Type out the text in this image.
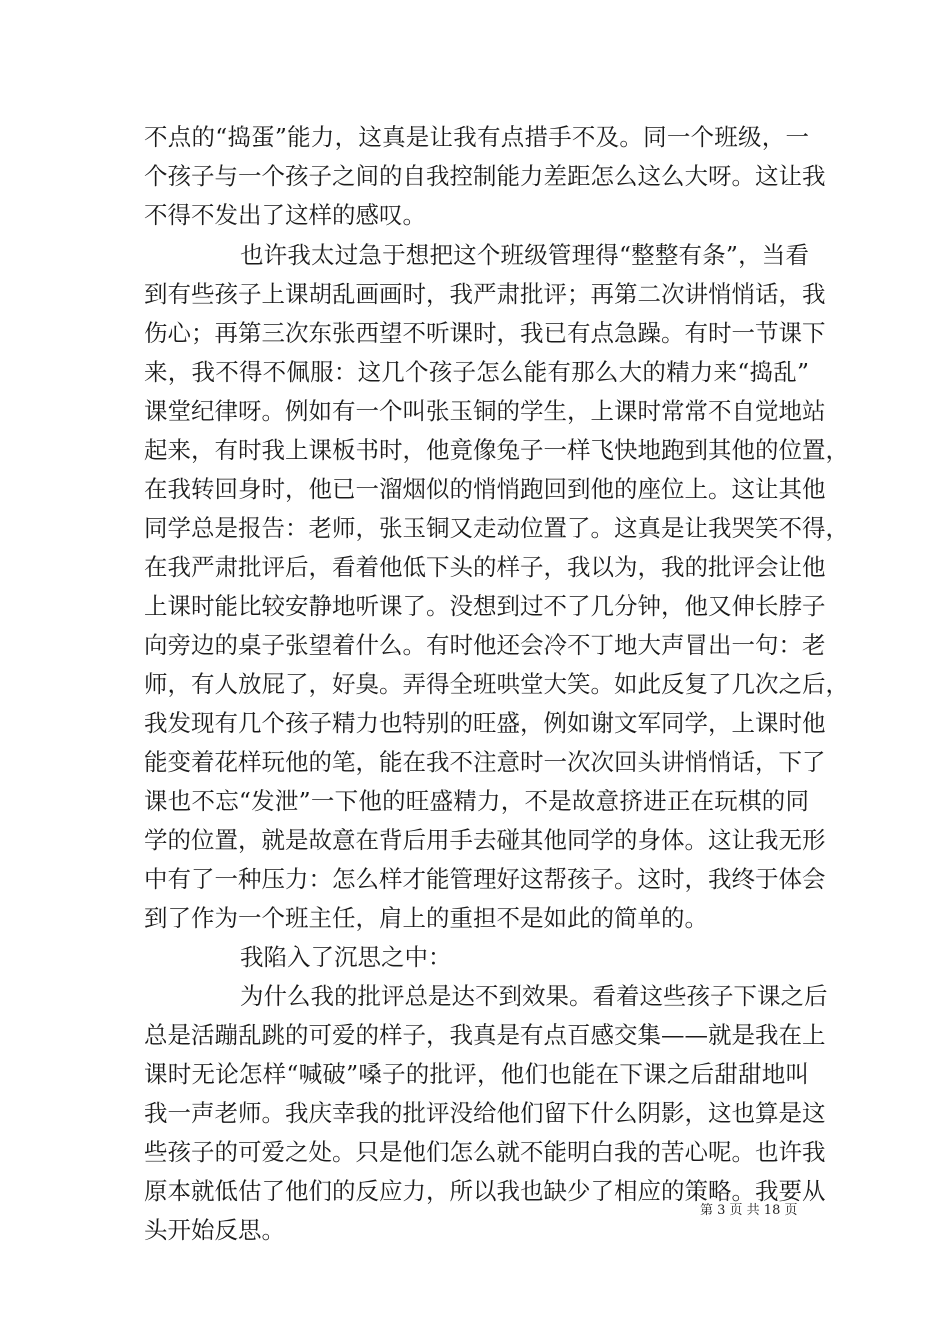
不点的“捣蛋”能力，这真是让我有点措手不及。同一个班级，一
个孩子与一个孩子之间的自我控制能力差距怎么这么大呀。这让我
不得不发出了这样的感叹。
也许我太过急于想把这个班级管理得“整整有条”，当看
到有些孩子上课胡乱画画时，我严肃批评；再第二次讲悄悄话，我
伤心；再第三次东张西望不听课时，我已有点急躁。有时一节课下
来，我不得不佩服：这几个孩子怎么能有那么大的精力来“捣乱”
课堂纪律呀。例如有一个叫张玉铜的学生，上课时常常不自觉地站
起来，有时我上课板书时，他竟像兔子一样飞快地跑到其他的位置，
在我转回身时，他已一溜烟似的悄悄跑回到他的座位上。这让其他
同学总是报告：老师，张玉铜又走动位置了。这真是让我哭笑不得，
在我严肃批评后，看着他低下头的样子，我以为，我的批评会让他
上课时能比较安静地听课了。没想到过不了几分钟，他又伸长脖子
向旁边的桌子张望着什么。有时他还会冷不丁地大声冒出一句：老
师，有人放屁了，好臭。弄得全班哄堂大笑。如此反复了几次之后，
我发现有几个孩子精力也特别的旺盛，例如谢文军同学，上课时他
能变着花样玩他的笔，能在我不注意时一次次回头讲悄悄话，下了
课也不忘“发泄”一下他的旺盛精力，不是故意挤进正在玩棋的同
学的位置，就是故意在背后用手去碰其他同学的身体。这让我无形
中有了一种压力：怎么样才能管理好这帮孩子。这时，我终于体会
到了作为一个班主任，肩上的重担不是如此的简单的。
我陷入了沉思之中：
为什么我的批评总是达不到效果。看着这些孩子下课之后
总是活蹦乱跳的可爱的样子，我真是有点百感交集——就是我在上
课时无论怎样“喊破”嗓子的批评，他们也能在下课之后甜甜地叫
我一声老师。我庆幸我的批评没给他们留下什么阴影，这也算是这
些孩子的可爱之处。只是他们怎么就不能明白我的苦心呢。也许我
原本就低估了他们的反应力，所以我也缺少了相应的策略。我要从
头开始反思。
第 3 页 共 18 页
